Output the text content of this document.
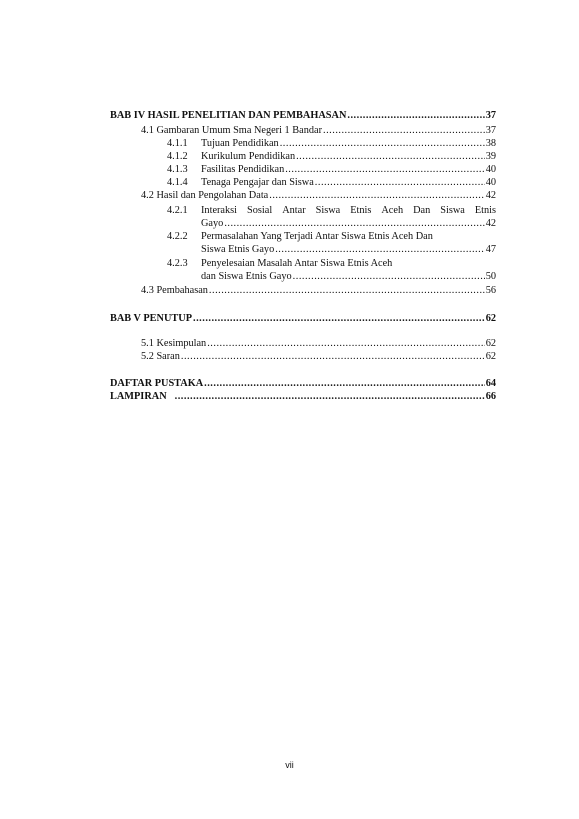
BAB IV HASIL PENELITIAN DAN PEMBAHASAN .....	37
4.1 Gambaran Umum Sma Negeri 1 Bandar .....	37
4.1.1 Tujuan Pendidikan .....	38
4.1.2 Kurikulum Pendidikan .....	39
4.1.3 Fasilitas Pendidikan .....	40
4.1.4 Tenaga Pengajar dan Siswa .....	40
4.2 Hasil dan Pengolahan Data .....	42
4.2.1	Interaksi Sosial Antar Siswa Etnis Aceh Dan Siswa Etnis
Gayo .....	42
4.2.2	Permasalahan Yang Terjadi Antar Siswa Etnis Aceh Dan
Siswa Etnis Gayo .....	47
4.2.3	Penyelesaian Masalah Antar Siswa Etnis Aceh
dan Siswa Etnis Gayo .....	50
4.3 Pembahasan .....	56
BAB V PENUTUP .....	62
5.1 Kesimpulan .....	62
5.2 Saran .....	62
DAFTAR PUSTAKA .....	64
LAMPIRAN .....	66
vii
